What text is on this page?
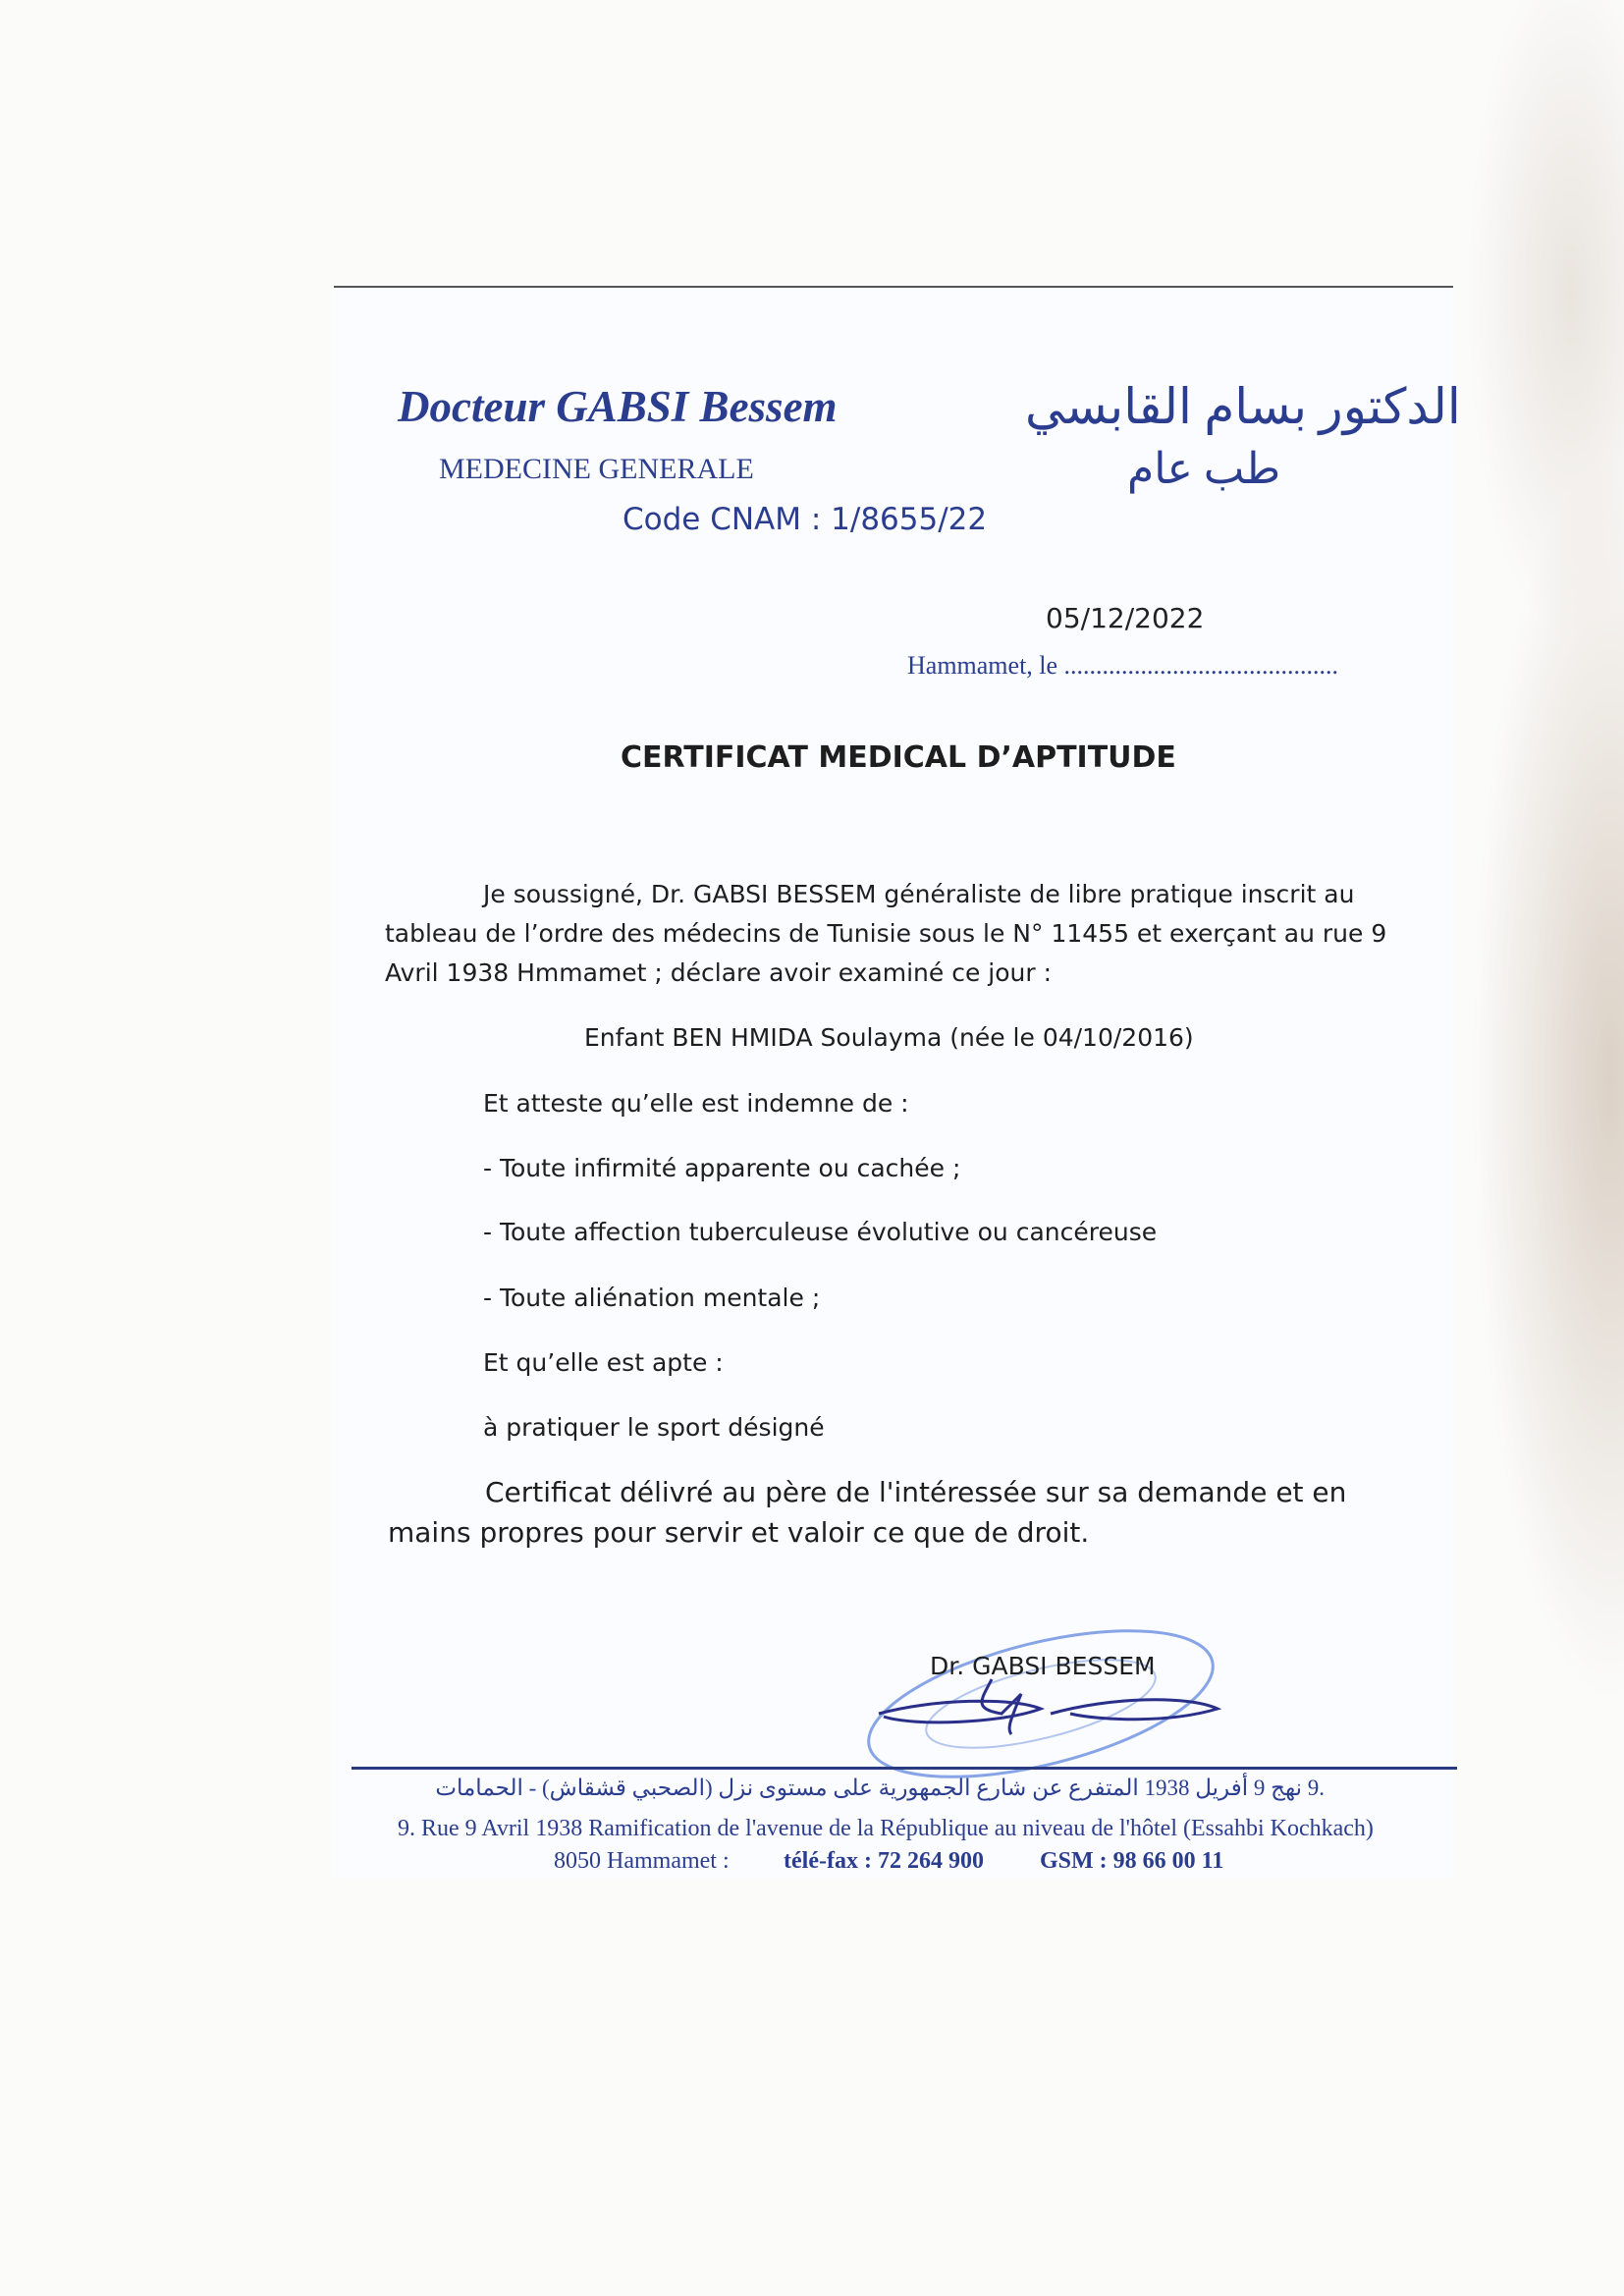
Docteur GABSI Bessem
MEDECINE GENERALE
Code CNAM : 1/8655/22
الدكتور بسام القابسي
طب عام
05/12/2022
Hammamet, le ...........................................
CERTIFICAT MEDICAL D’APTITUDE
Je soussigné, Dr. GABSI BESSEM généraliste de libre pratique inscrit au
tableau de l’ordre des médecins de Tunisie sous le N° 11455 et exerçant au rue 9
Avril 1938 Hmmamet ; déclare avoir examiné ce jour :
Enfant BEN HMIDA Soulayma (née le 04/10/2016)
Et atteste qu’elle est indemne de :
- Toute infirmité apparente ou cachée ;
- Toute affection tuberculeuse évolutive ou cancéreuse
- Toute aliénation mentale ;
Et qu’elle est apte :
à pratiquer le sport désigné
Certificat délivré au père de l'intéressée sur sa demande et en
mains propres pour servir et valoir ce que de droit.
Dr. GABSI BESSEM
.9 نهج 9 أفريل 1938 المتفرع عن شارع الجمهورية على مستوى نزل (الصحبي قشقاش) - الحمامات
9. Rue 9 Avril 1938 Ramification de l'avenue de la République au niveau de l'hôtel (Essahbi Kochkach)
8050 Hammamet : télé-fax : 72 264 900 GSM : 98 66 00 11
